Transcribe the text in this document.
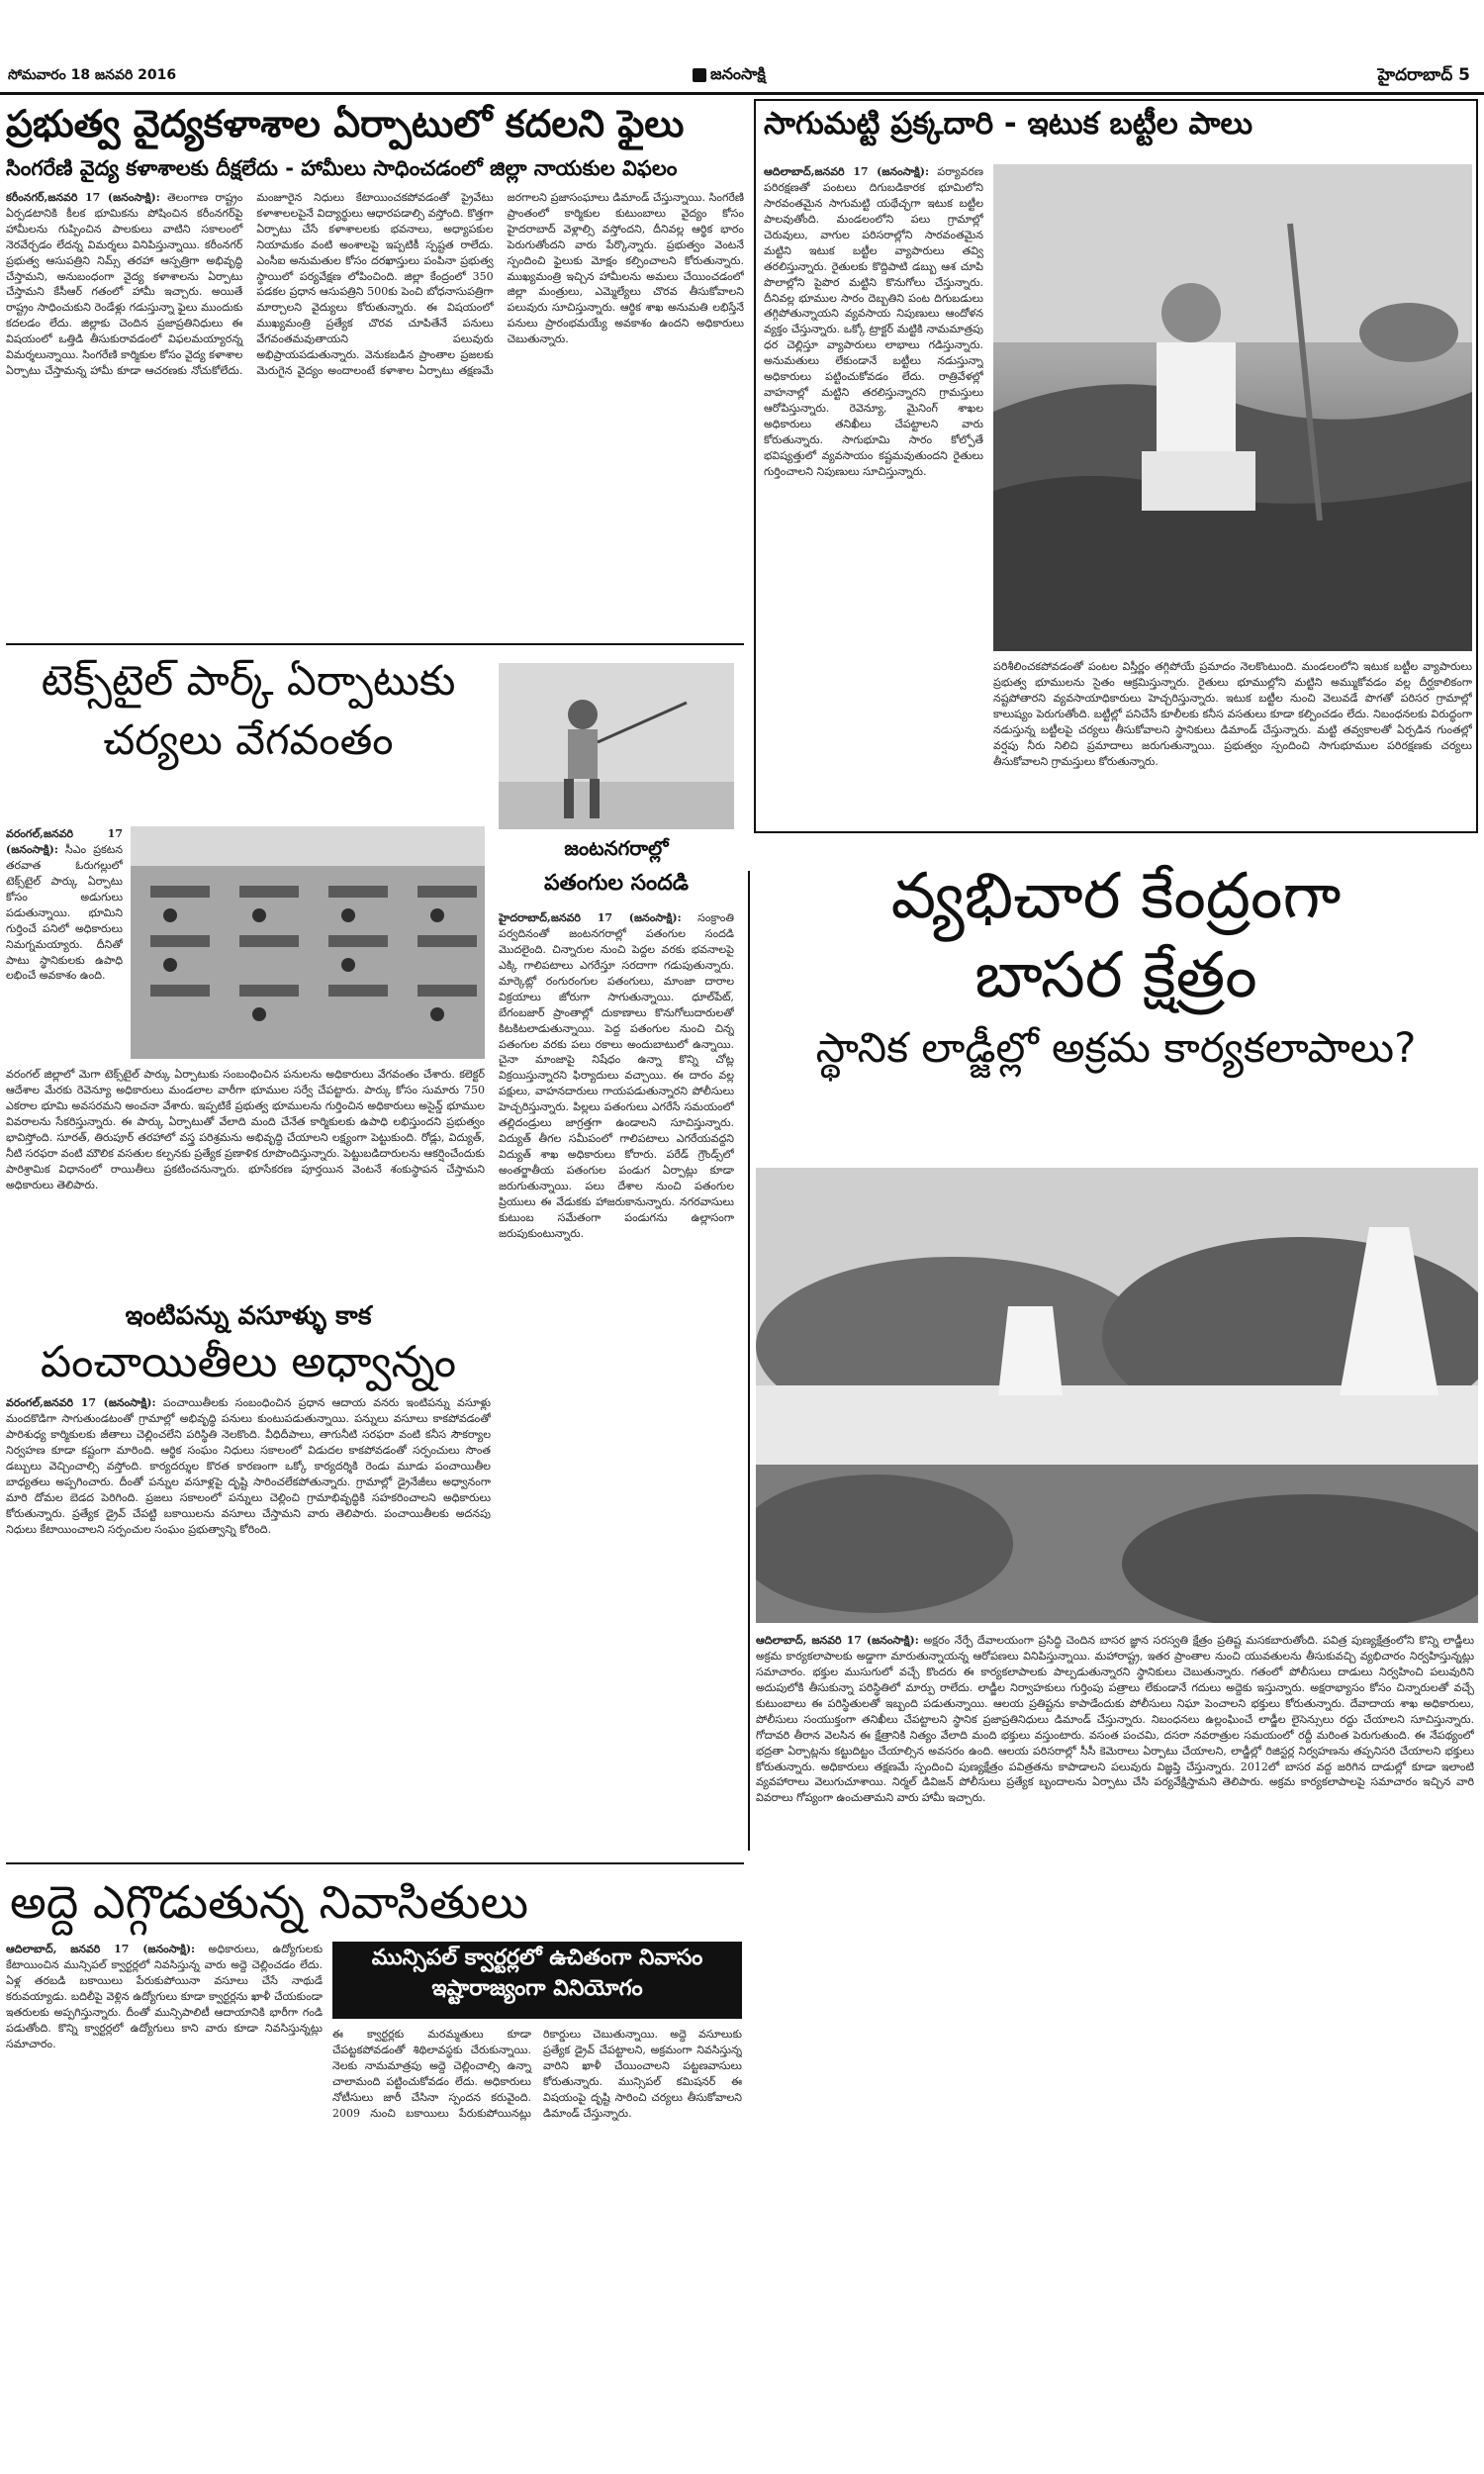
సోమవారం 18 జనవరి 2016	జనంసాక్షి	హైదరాబాద్ 5
ప్రభుత్వ వైద్యకళాశాల ఏర్పాటులో కదలని ఫైలు
సింగరేణి వైద్య కళాశాలకు దీక్షలేదు - హామీలు సాధించడంలో జిల్లా నాయకుల విఫలం
కరీంనగర్,జనవరి 17 (జనంసాక్షి): తెలంగాణ రాష్ట్రం ఏర్పడటానికి కీలక భూమికను పోషించిన కరీంనగర్‌పై హామీలను గుప్పించిన పాలకులు వాటిని సకాలంలో నెరవేర్చడం లేదన్న విమర్శలు వినిపిస్తున్నాయి. కరీంనగర్ ప్రభుత్వ ఆసుపత్రిని నిమ్స్ తరహా ఆస్పత్రిగా అభివృద్ధి చేస్తామని, అనుబంధంగా వైద్య కళాశాలను ఏర్పాటు చేస్తామని కేసీఆర్ గతంలో హామీ ఇచ్చారు. అయితే రాష్ట్రం సాధించుకుని రెండేళ్లు గడుస్తున్నా ఫైలు ముందుకు కదలడం లేదు. జిల్లాకు చెందిన ప్రజాప్రతినిధులు ఈ విషయంలో ఒత్తిడి తీసుకురావడంలో విఫలమయ్యారన్న విమర్శలున్నాయి. సింగరేణి కార్మికుల కోసం వైద్య కళాశాల ఏర్పాటు చేస్తామన్న హామీ కూడా ఆచరణకు నోచుకోలేదు. మంజూరైన నిధులు కేటాయించకపోవడంతో ప్రైవేటు కళాశాలలపైనే విద్యార్థులు ఆధారపడాల్సి వస్తోంది. కొత్తగా ఏర్పాటు చేసే కళాశాలలకు భవనాలు, అధ్యాపకుల నియామకం వంటి అంశాలపై ఇప్పటికీ స్పష్టత రాలేదు. ఎంసీఐ అనుమతుల కోసం దరఖాస్తులు పంపినా ప్రభుత్వ స్థాయిలో పర్యవేక్షణ లోపించింది. జిల్లా కేంద్రంలో 350 పడకల ప్రధాన ఆసుపత్రిని 500కు పెంచి బోధనాసుపత్రిగా మార్చాలని వైద్యులు కోరుతున్నారు. ఈ విషయంలో ముఖ్యమంత్రి ప్రత్యేక చొరవ చూపితేనే పనులు వేగవంతమవుతాయని పలువురు అభిప్రాయపడుతున్నారు. వెనుకబడిన ప్రాంతాల ప్రజలకు మెరుగైన వైద్యం అందాలంటే కళాశాల ఏర్పాటు తక్షణమే జరగాలని ప్రజాసంఘాలు డిమాండ్ చేస్తున్నాయి. సింగరేణి ప్రాంతంలో కార్మికుల కుటుంబాలు వైద్యం కోసం హైదరాబాద్ వెళ్లాల్సి వస్తోందని, దీనివల్ల ఆర్థిక భారం పెరుగుతోందని వారు పేర్కొన్నారు. ప్రభుత్వం వెంటనే స్పందించి ఫైలుకు మోక్షం కల్పించాలని కోరుతున్నారు. ముఖ్యమంత్రి ఇచ్చిన హామీలను అమలు చేయించడంలో జిల్లా మంత్రులు, ఎమ్మెల్యేలు చొరవ తీసుకోవాలని పలువురు సూచిస్తున్నారు. ఆర్థిక శాఖ అనుమతి లభిస్తేనే పనులు ప్రారంభమయ్యే అవకాశం ఉందని అధికారులు చెబుతున్నారు.
సాగుమట్టి ప్రక్కదారి - ఇటుక బట్టీల పాలు
ఆదిలాబాద్,జనవరి 17 (జనంసాక్షి): పర్యావరణ పరిరక్షణతో పంటలు దిగుబడికారక భూమిలోని సారవంతమైన సాగుమట్టి యథేచ్ఛగా ఇటుక బట్టీల పాలవుతోంది. మండలంలోని పలు గ్రామాల్లో చెరువులు, వాగుల పరిసరాల్లోని సారవంతమైన మట్టిని ఇటుక బట్టీల వ్యాపారులు తవ్వి తరలిస్తున్నారు. రైతులకు కొద్దిపాటి డబ్బు ఆశ చూపి పొలాల్లోని పైపొర మట్టిని కొనుగోలు చేస్తున్నారు. దీనివల్ల భూముల సారం దెబ్బతిని పంట దిగుబడులు తగ్గిపోతున్నాయని వ్యవసాయ నిపుణులు ఆందోళన వ్యక్తం చేస్తున్నారు. ఒక్కో ట్రాక్టర్ మట్టికి నామమాత్రపు ధర చెల్లిస్తూ వ్యాపారులు లాభాలు గడిస్తున్నారు. అనుమతులు లేకుండానే బట్టీలు నడుస్తున్నా అధికారులు పట్టించుకోవడం లేదు. రాత్రివేళల్లో వాహనాల్లో మట్టిని తరలిస్తున్నారని గ్రామస్తులు ఆరోపిస్తున్నారు. రెవెన్యూ, మైనింగ్ శాఖల అధికారులు తనిఖీలు చేపట్టాలని వారు కోరుతున్నారు. సాగుభూమి సారం కోల్పోతే భవిష్యత్తులో వ్యవసాయం కష్టమవుతుందని రైతులు గుర్తించాలని నిపుణులు సూచిస్తున్నారు.
పరిశీలించకపోవడంతో పంటల విస్తీర్ణం తగ్గిపోయే ప్రమాదం నెలకొంటుంది. మండలంలోని ఇటుక బట్టీల వ్యాపారులు ప్రభుత్వ భూములను సైతం ఆక్రమిస్తున్నారు. రైతులు భూముల్లోని మట్టిని అమ్ముకోవడం వల్ల దీర్ఘకాలికంగా నష్టపోతారని వ్యవసాయాధికారులు హెచ్చరిస్తున్నారు. ఇటుక బట్టీల నుంచి వెలువడే పొగతో పరిసర గ్రామాల్లో కాలుష్యం పెరుగుతోంది. బట్టీల్లో పనిచేసే కూలీలకు కనీస వసతులు కూడా కల్పించడం లేదు. నిబంధనలకు విరుద్ధంగా నడుస్తున్న బట్టీలపై చర్యలు తీసుకోవాలని స్థానికులు డిమాండ్ చేస్తున్నారు. మట్టి తవ్వకాలతో ఏర్పడిన గుంతల్లో వర్షపు నీరు నిలిచి ప్రమాదాలు జరుగుతున్నాయి. ప్రభుత్వం స్పందించి సాగుభూముల పరిరక్షణకు చర్యలు తీసుకోవాలని గ్రామస్తులు కోరుతున్నారు.
టెక్స్‌టైల్ పార్క్ ఏర్పాటుకు
చర్యలు వేగవంతం
వరంగల్,జనవరి 17 (జనంసాక్షి): సీఎం ప్రకటన తరవాత ఓరుగల్లులో టెక్స్‌టైల్ పార్కు ఏర్పాటు కోసం అడుగులు పడుతున్నాయి. భూమిని గుర్తించే పనిలో అధికారులు నిమగ్నమయ్యారు. దీనితో పాటు స్థానికులకు ఉపాధి లభించే అవకాశం ఉంది.
వరంగల్ జిల్లాలో మెగా టెక్స్‌టైల్ పార్కు ఏర్పాటుకు సంబంధించిన పనులను అధికారులు వేగవంతం చేశారు. కలెక్టర్ ఆదేశాల మేరకు రెవెన్యూ అధికారులు మండలాల వారీగా భూముల సర్వే చేపట్టారు. పార్కు కోసం సుమారు 750 ఎకరాల భూమి అవసరమని అంచనా వేశారు. ఇప్పటికే ప్రభుత్వ భూములను గుర్తించిన అధికారులు అసైన్డ్ భూముల వివరాలను సేకరిస్తున్నారు. ఈ పార్కు ఏర్పాటుతో వేలాది మంది చేనేత కార్మికులకు ఉపాధి లభిస్తుందని ప్రభుత్వం భావిస్తోంది. సూరత్, తిరుపూర్ తరహాలో వస్త్ర పరిశ్రమను అభివృద్ధి చేయాలని లక్ష్యంగా పెట్టుకుంది. రోడ్లు, విద్యుత్, నీటి సరఫరా వంటి మౌలిక వసతుల కల్పనకు ప్రత్యేక ప్రణాళిక రూపొందిస్తున్నారు. పెట్టుబడిదారులను ఆకర్షించేందుకు పారిశ్రామిక విధానంలో రాయితీలు ప్రకటించనున్నారు. భూసేకరణ పూర్తయిన వెంటనే శంకుస్థాపన చేస్తామని అధికారులు తెలిపారు.
ఇంటిపన్ను వసూళ్ళు కాక
పంచాయితీలు అధ్వాన్నం
వరంగల్,జనవరి 17 (జనంసాక్షి): పంచాయితీలకు సంబంధించిన ప్రధాన ఆదాయ వనరు ఇంటిపన్ను వసూళ్లు మందకొడిగా సాగుతుండటంతో గ్రామాల్లో అభివృద్ధి పనులు కుంటుపడుతున్నాయి. పన్నులు వసూలు కాకపోవడంతో పారిశుధ్య కార్మికులకు జీతాలు చెల్లించలేని పరిస్థితి నెలకొంది. వీధిదీపాలు, తాగునీటి సరఫరా వంటి కనీస సౌకర్యాల నిర్వహణ కూడా కష్టంగా మారింది. ఆర్థిక సంఘం నిధులు సకాలంలో విడుదల కాకపోవడంతో సర్పంచులు సొంత డబ్బులు వెచ్చించాల్సి వస్తోంది. కార్యదర్శుల కొరత కారణంగా ఒక్కో కార్యదర్శికి రెండు మూడు పంచాయితీల బాధ్యతలు అప్పగించారు. దీంతో పన్నుల వసూళ్లపై దృష్టి సారించలేకపోతున్నారు. గ్రామాల్లో డ్రైనేజీలు అధ్వానంగా మారి దోమల బెడద పెరిగింది. ప్రజలు సకాలంలో పన్నులు చెల్లించి గ్రామాభివృద్ధికి సహకరించాలని అధికారులు కోరుతున్నారు. ప్రత్యేక డ్రైవ్ చేపట్టి బకాయిలను వసూలు చేస్తామని వారు తెలిపారు. పంచాయితీలకు అదనపు నిధులు కేటాయించాలని సర్పంచుల సంఘం ప్రభుత్వాన్ని కోరింది.
జంటనగరాల్లో
పతంగుల సందడి
హైదరాబాద్,జనవరి 17 (జనంసాక్షి): సంక్రాంతి పర్వదినంతో జంటనగరాల్లో పతంగుల సందడి మొదలైంది. చిన్నారుల నుంచి పెద్దల వరకు భవనాలపై ఎక్కి గాలిపటాలు ఎగరేస్తూ సరదాగా గడుపుతున్నారు. మార్కెట్లో రంగురంగుల పతంగులు, మాంజా దారాల విక్రయాలు జోరుగా సాగుతున్నాయి. ధూల్‌పేట్, బేగంబజార్ ప్రాంతాల్లో దుకాణాలు కొనుగోలుదారులతో కిటకిటలాడుతున్నాయి. పెద్ద పతంగుల నుంచి చిన్న పతంగుల వరకు పలు రకాలు అందుబాటులో ఉన్నాయి. చైనా మాంజాపై నిషేధం ఉన్నా కొన్ని చోట్ల విక్రయిస్తున్నారని ఫిర్యాదులు వచ్చాయి. ఈ దారం వల్ల పక్షులు, వాహనదారులు గాయపడుతున్నారని పోలీసులు హెచ్చరిస్తున్నారు. పిల్లలు పతంగులు ఎగరేసే సమయంలో తల్లిదండ్రులు జాగ్రత్తగా ఉండాలని సూచిస్తున్నారు. విద్యుత్ తీగల సమీపంలో గాలిపటాలు ఎగరేయవద్దని విద్యుత్ శాఖ అధికారులు కోరారు. పరేడ్ గ్రౌండ్స్‌లో అంతర్జాతీయ పతంగుల పండుగ ఏర్పాట్లు కూడా జరుగుతున్నాయి. పలు దేశాల నుంచి పతంగుల ప్రియులు ఈ వేడుకకు హాజరుకానున్నారు. నగరవాసులు కుటుంబ సమేతంగా పండుగను ఉల్లాసంగా జరుపుకుంటున్నారు.
వ్యభిచార కేంద్రంగా
బాసర క్షేత్రం
స్థానిక లాడ్జీల్లో అక్రమ కార్యకలాపాలు?
ఆదిలాబాద్, జనవరి 17 (జనంసాక్షి): అక్షరం నేర్పే దేవాలయంగా ప్రసిద్ధి చెందిన బాసర జ్ఞాన సరస్వతి క్షేత్రం ప్రతిష్ట మసకబారుతోంది. పవిత్ర పుణ్యక్షేత్రంలోని కొన్ని లాడ్జీలు అక్రమ కార్యకలాపాలకు అడ్డాగా మారుతున్నాయన్న ఆరోపణలు వినిపిస్తున్నాయి. మహారాష్ట్ర, ఇతర ప్రాంతాల నుంచి యువతులను తీసుకువచ్చి వ్యభిచారం నిర్వహిస్తున్నట్లు సమాచారం. భక్తుల ముసుగులో వచ్చే కొందరు ఈ కార్యకలాపాలకు పాల్పడుతున్నారని స్థానికులు చెబుతున్నారు. గతంలో పోలీసులు దాడులు నిర్వహించి పలువురిని అదుపులోకి తీసుకున్నా పరిస్థితిలో మార్పు రాలేదు. లాడ్జీల నిర్వాహకులు గుర్తింపు పత్రాలు లేకుండానే గదులు అద్దెకు ఇస్తున్నారు. అక్షరాభ్యాసం కోసం చిన్నారులతో వచ్చే కుటుంబాలు ఈ పరిస్థితులతో ఇబ్బంది పడుతున్నాయి. ఆలయ ప్రతిష్టను కాపాడేందుకు పోలీసులు నిఘా పెంచాలని భక్తులు కోరుతున్నారు. దేవాదాయ శాఖ అధికారులు, పోలీసులు సంయుక్తంగా తనిఖీలు చేపట్టాలని స్థానిక ప్రజాప్రతినిధులు డిమాండ్ చేస్తున్నారు. నిబంధనలు ఉల్లంఘించే లాడ్జీల లైసెన్సులు రద్దు చేయాలని సూచిస్తున్నారు. గోదావరి తీరాన వెలసిన ఈ క్షేత్రానికి నిత్యం వేలాది మంది భక్తులు వస్తుంటారు. వసంత పంచమి, దసరా నవరాత్రుల సమయంలో రద్దీ మరింత పెరుగుతుంది. ఈ నేపథ్యంలో భద్రతా ఏర్పాట్లను కట్టుదిట్టం చేయాల్సిన అవసరం ఉంది. ఆలయ పరిసరాల్లో సీసీ కెమెరాలు ఏర్పాటు చేయాలని, లాడ్జీల్లో రిజిస్టర్ల నిర్వహణను తప్పనిసరి చేయాలని భక్తులు కోరుతున్నారు. అధికారులు తక్షణమే స్పందించి పుణ్యక్షేత్రం పవిత్రతను కాపాడాలని పలువురు విజ్ఞప్తి చేస్తున్నారు. 2012లో బాసర వద్ద జరిగిన దాడుల్లో కూడా ఇలాంటి వ్యవహారాలు వెలుగుచూశాయి. నిర్మల్ డివిజన్ పోలీసులు ప్రత్యేక బృందాలను ఏర్పాటు చేసి పర్యవేక్షిస్తామని తెలిపారు. అక్రమ కార్యకలాపాలపై సమాచారం ఇచ్చిన వారి వివరాలు గోప్యంగా ఉంచుతామని వారు హామీ ఇచ్చారు.
అద్దె ఎగ్గొడుతున్న నివాసితులు
మున్సిపల్ క్వార్టర్లలో ఉచితంగా నివాసం
ఇష్టారాజ్యంగా వినియోగం
ఆదిలాబాద్, జనవరి 17 (జనంసాక్షి): అధికారులు, ఉద్యోగులకు కేటాయించిన మున్సిపల్ క్వార్టర్లలో నివసిస్తున్న వారు అద్దె చెల్లించడం లేదు. ఏళ్ల తరబడి బకాయిలు పేరుకుపోయినా వసూలు చేసే నాథుడే కరువయ్యాడు. బదిలీపై వెళ్లిన ఉద్యోగులు కూడా క్వార్టర్లను ఖాళీ చేయకుండా ఇతరులకు అప్పగిస్తున్నారు. దీంతో మున్సిపాలిటీ ఆదాయానికి భారీగా గండి పడుతోంది. కొన్ని క్వార్టర్లలో ఉద్యోగులు కాని వారు కూడా నివసిస్తున్నట్లు సమాచారం.
ఈ క్వార్టర్లకు మరమ్మతులు కూడా చేపట్టకపోవడంతో శిథిలావస్థకు చేరుకున్నాయి. నెలకు నామమాత్రపు అద్దె చెల్లించాల్సి ఉన్నా చాలామంది పట్టించుకోవడం లేదు. అధికారులు నోటీసులు జారీ చేసినా స్పందన కరువైంది. 2009 నుంచి బకాయిలు పేరుకుపోయినట్లు రికార్డులు చెబుతున్నాయి. అద్దె వసూలుకు ప్రత్యేక డ్రైవ్ చేపట్టాలని, అక్రమంగా నివసిస్తున్న వారిని ఖాళీ చేయించాలని పట్టణవాసులు కోరుతున్నారు. మున్సిపల్ కమిషనర్ ఈ విషయంపై దృష్టి సారించి చర్యలు తీసుకోవాలని డిమాండ్ చేస్తున్నారు.
